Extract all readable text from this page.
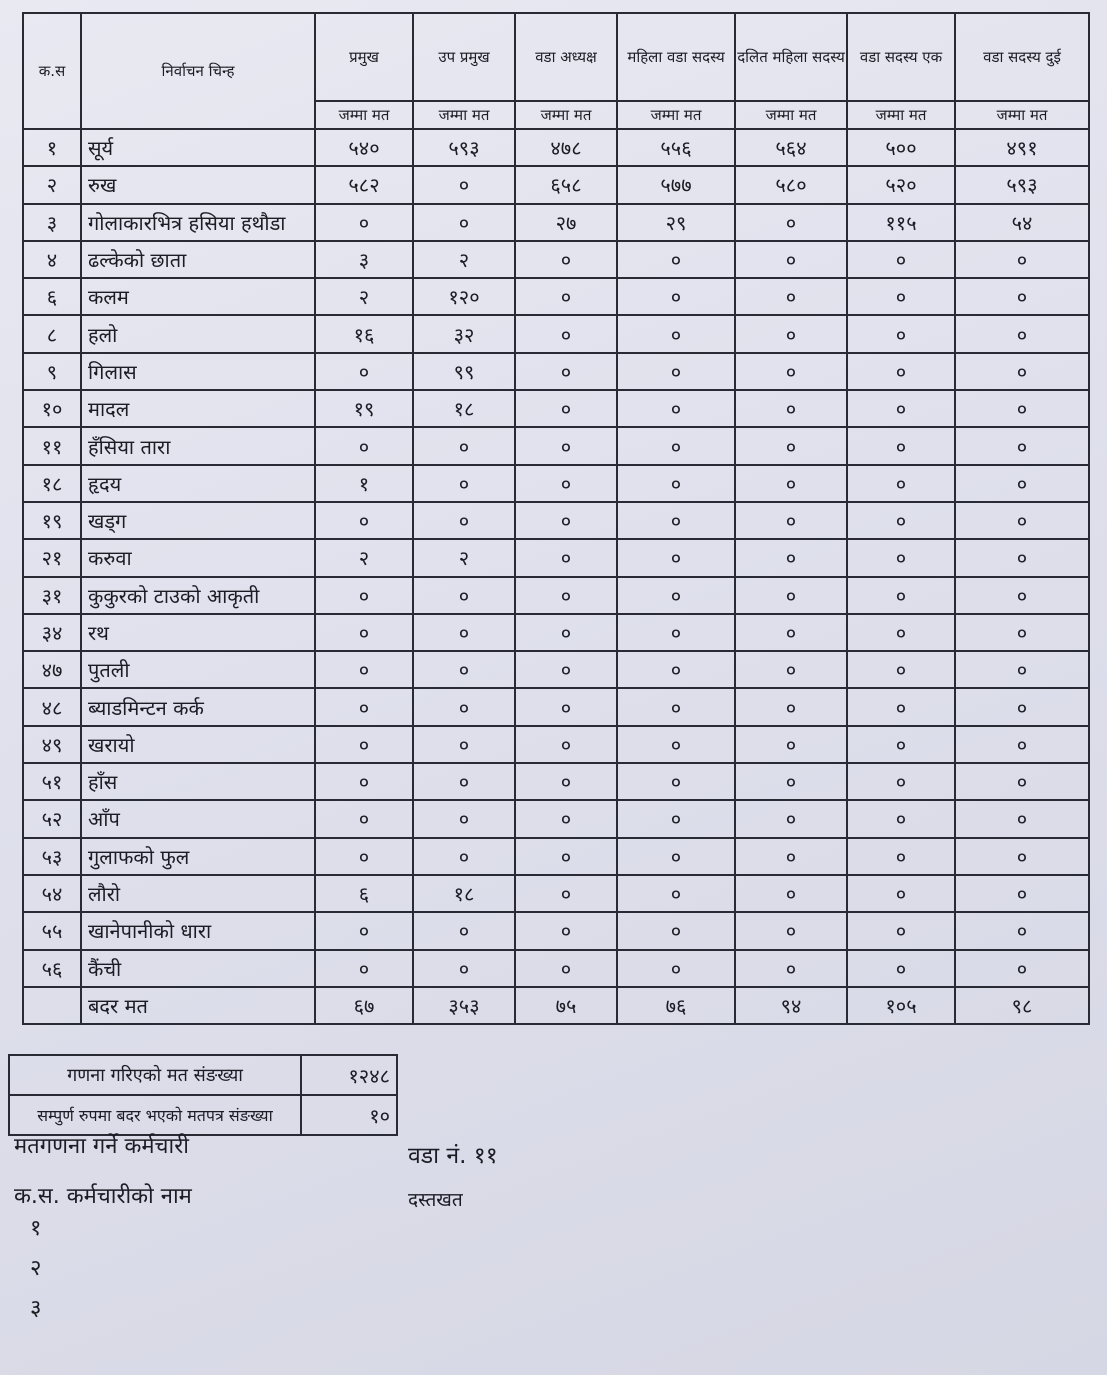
क.स	निर्वाचन चिन्ह	प्रमुख	उप प्रमुख	वडा अध्यक्ष	महिला वडा सदस्य	दलित महिला सदस्य	वडा सदस्य एक	वडा सदस्य दुई
		जम्मा मत	जम्मा मत	जम्मा मत	जम्मा मत	जम्मा मत	जम्मा मत	जम्मा मत
१	सूर्य	५४०	५९३	४७८	५५६	५६४	५००	४९१
२	रुख	५८२	०	६५८	५७७	५८०	५२०	५९३
३	गोलाकारभित्र हसिया हथौडा	०	०	२७	२९	०	११५	५४
४	ढल्केको छाता	३	२	०	०	०	०	०
६	कलम	२	१२०	०	०	०	०	०
८	हलो	१६	३२	०	०	०	०	०
९	गिलास	०	९९	०	०	०	०	०
१०	मादल	१९	१८	०	०	०	०	०
११	हँसिया तारा	०	०	०	०	०	०	०
१८	हृदय	१	०	०	०	०	०	०
१९	खड्ग	०	०	०	०	०	०	०
२१	करुवा	२	२	०	०	०	०	०
३१	कुकुरको टाउको आकृती	०	०	०	०	०	०	०
३४	रथ	०	०	०	०	०	०	०
४७	पुतली	०	०	०	०	०	०	०
४८	ब्याडमिन्टन कर्क	०	०	०	०	०	०	०
४९	खरायो	०	०	०	०	०	०	०
५१	हाँस	०	०	०	०	०	०	०
५२	आँप	०	०	०	०	०	०	०
५३	गुलाफको फुल	०	०	०	०	०	०	०
५४	लौरो	६	१८	०	०	०	०	०
५५	खानेपानीको धारा	०	०	०	०	०	०	०
५६	कैंची	०	०	०	०	०	०	०
	बदर मत	६७	३५३	७५	७६	९४	१०५	९८
गणना गरिएको मत संङख्या	१२४८
सम्पुर्ण रुपमा बदर भएको मतपत्र संङख्या	१०
मतगणना गर्ने कर्मचारी	वडा नं. ११
क.स. कर्मचारीको नाम	दस्तखत
१
२
३
